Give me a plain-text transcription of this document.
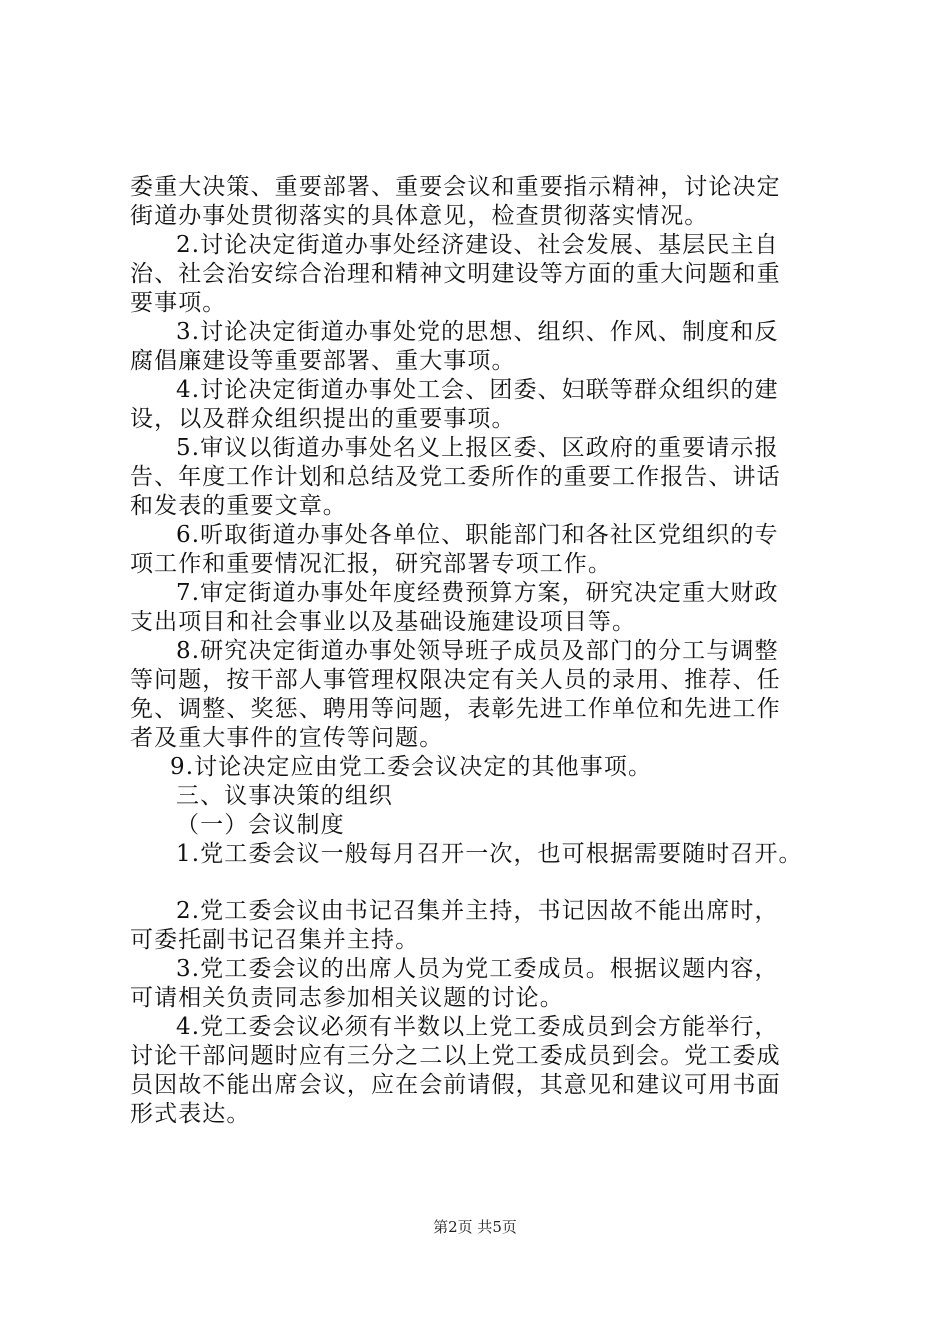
委重大决策、重要部署、重要会议和重要指示精神，讨论决定
街道办事处贯彻落实的具体意见，检查贯彻落实情况。
2.讨论决定街道办事处经济建设、社会发展、基层民主自
治、社会治安综合治理和精神文明建设等方面的重大问题和重
要事项。
3.讨论决定街道办事处党的思想、组织、作风、制度和反
腐倡廉建设等重要部署、重大事项。
4.讨论决定街道办事处工会、团委、妇联等群众组织的建
设，以及群众组织提出的重要事项。
5.审议以街道办事处名义上报区委、区政府的重要请示报
告、年度工作计划和总结及党工委所作的重要工作报告、讲话
和发表的重要文章。
6.听取街道办事处各单位、职能部门和各社区党组织的专
项工作和重要情况汇报，研究部署专项工作。
7.审定街道办事处年度经费预算方案，研究决定重大财政
支出项目和社会事业以及基础设施建设项目等。
8.研究决定街道办事处领导班子成员及部门的分工与调整
等问题，按干部人事管理权限决定有关人员的录用、推荐、任
免、调整、奖惩、聘用等问题，表彰先进工作单位和先进工作
者及重大事件的宣传等问题。
9.讨论决定应由党工委会议决定的其他事项。
三、议事决策的组织
（一）会议制度
1.党工委会议一般每月召开一次，也可根据需要随时召开。
2.党工委会议由书记召集并主持，书记因故不能出席时，
可委托副书记召集并主持。
3.党工委会议的出席人员为党工委成员。根据议题内容，
可请相关负责同志参加相关议题的讨论。
4.党工委会议必须有半数以上党工委成员到会方能举行，
讨论干部问题时应有三分之二以上党工委成员到会。党工委成
员因故不能出席会议，应在会前请假，其意见和建议可用书面
形式表达。
第2页 共5页
